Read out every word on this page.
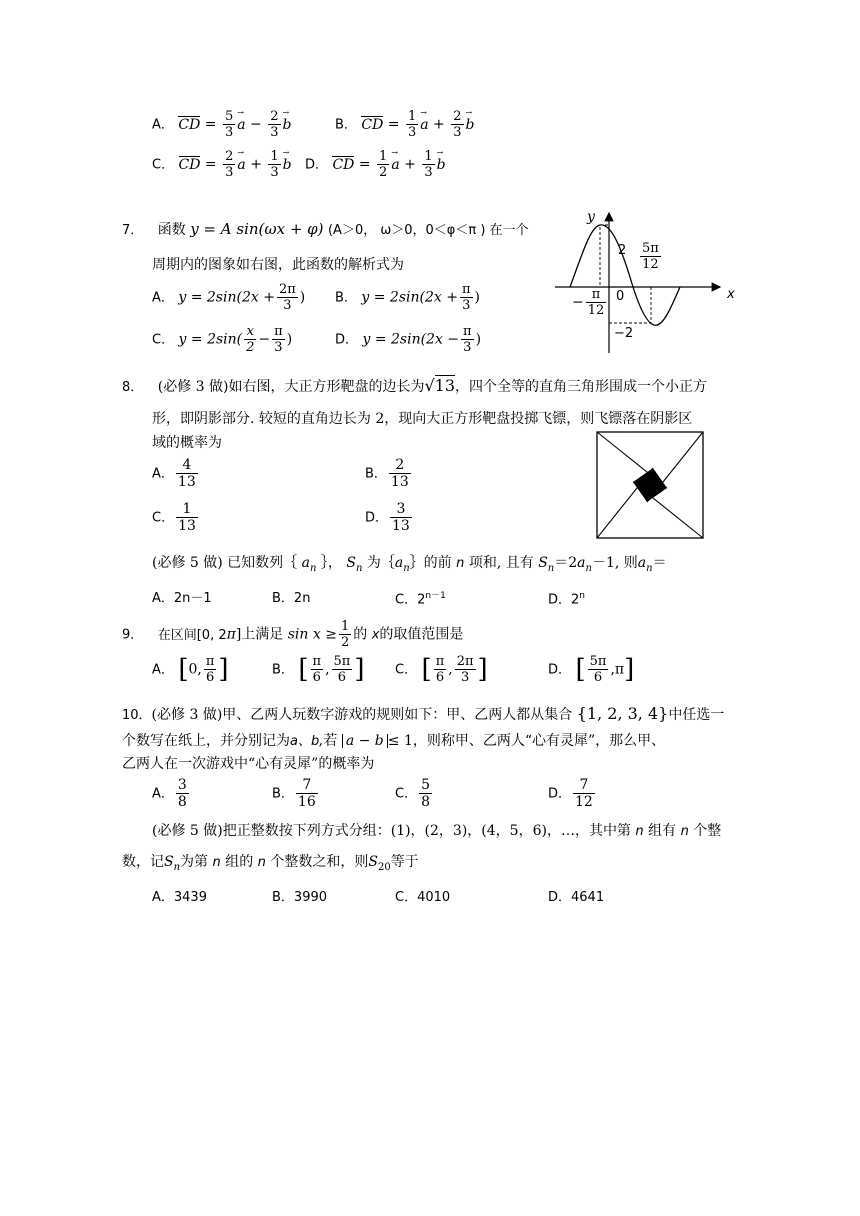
A． CD = $\frac{5}{3}$ a → − $\frac{2}{3}$ b →	B． CD = $\frac{1}{3}$ a → + $\frac{2}{3}$ b →
C． CD = $\frac{2}{3}$ a → + $\frac{1}{3}$ b → D． CD = $\frac{1}{2}$ a → + $\frac{1}{3}$ b →
7． 函数 y = A sin(ωx + φ) (A＞0， ω＞0，0＜φ＜π ) 在一个
周期内的图象如右图，此函数的解析式为
A． $y = 2\sin(2x + \frac{2\pi}{3}$ ) B． $y = 2\sin(2x + \frac{\pi}{3}$ )
C． $y = 2\sin( \frac{x}{2} - \frac{\pi}{3}$ )	D． $y = 2\sin(2x - \frac{\pi}{3}$ )
y
x
0
2
−2
− $\frac{\pi}{12}$
$\frac{5\pi}{12}$
8． (必修 3 做)如右图，大正方形靶盘的边长为√13，四个全等的直角三角形围成一个小正方
形，即阴影部分. 较短的直角边长为 2，现向大正方形靶盘投掷飞镖，则飞镖落在阴影区
域的概率为
A． $\frac{4}{13}$	B． $\frac{2}{13}$
C． $\frac{1}{13}$	D． $\frac{3}{13}$
(必修 5 做) 已知数列｛ $a_n$ ｝， $S_n$ 为$\{a_n\}$的前 n 项和, 且有 $S_n=2a_n-1$, 则$a_n=$
A．2n－1	B．2n	C．$2^{n-1}$	D．2$^n$
9． 在区间[0, 2π]上满足 $\sin x \ge \frac{1}{2}$ 的 x的取值范围是
A． [0, $\frac{\pi}{6}$ ]	B． [ $\frac{\pi}{6}$ , $\frac{5\pi}{6}$ ] C． [ $\frac{\pi}{6}$ , $\frac{2\pi}{3}$ ]	D． [ $\frac{5\pi}{6} ,\pi$]
10．(必修 3 做)甲、乙两人玩数字游戏的规则如下：甲、乙两人都从集合 {1, 2, 3, 4}中任选一
个数写在纸上，并分别记为a、b,若 a − b ≤ 1，则称甲、乙两人“心有灵犀”，那么甲、
乙两人在一次游戏中“心有灵犀”的概率为
A． $\frac{3}{8}$	B． $\frac{7}{16}$	C． $\frac{5}{8}$	D． $\frac{7}{12}$
(必修 5 做)把正整数按下列方式分组：(1)，(2，3)，(4，5，6)，…，其中第 n 组有 n 个整
数，记$S_n$为第 n 组的 n 个整数之和，则$S_{20}$等于
A．3439	B．3990	C．4010	D．4641
